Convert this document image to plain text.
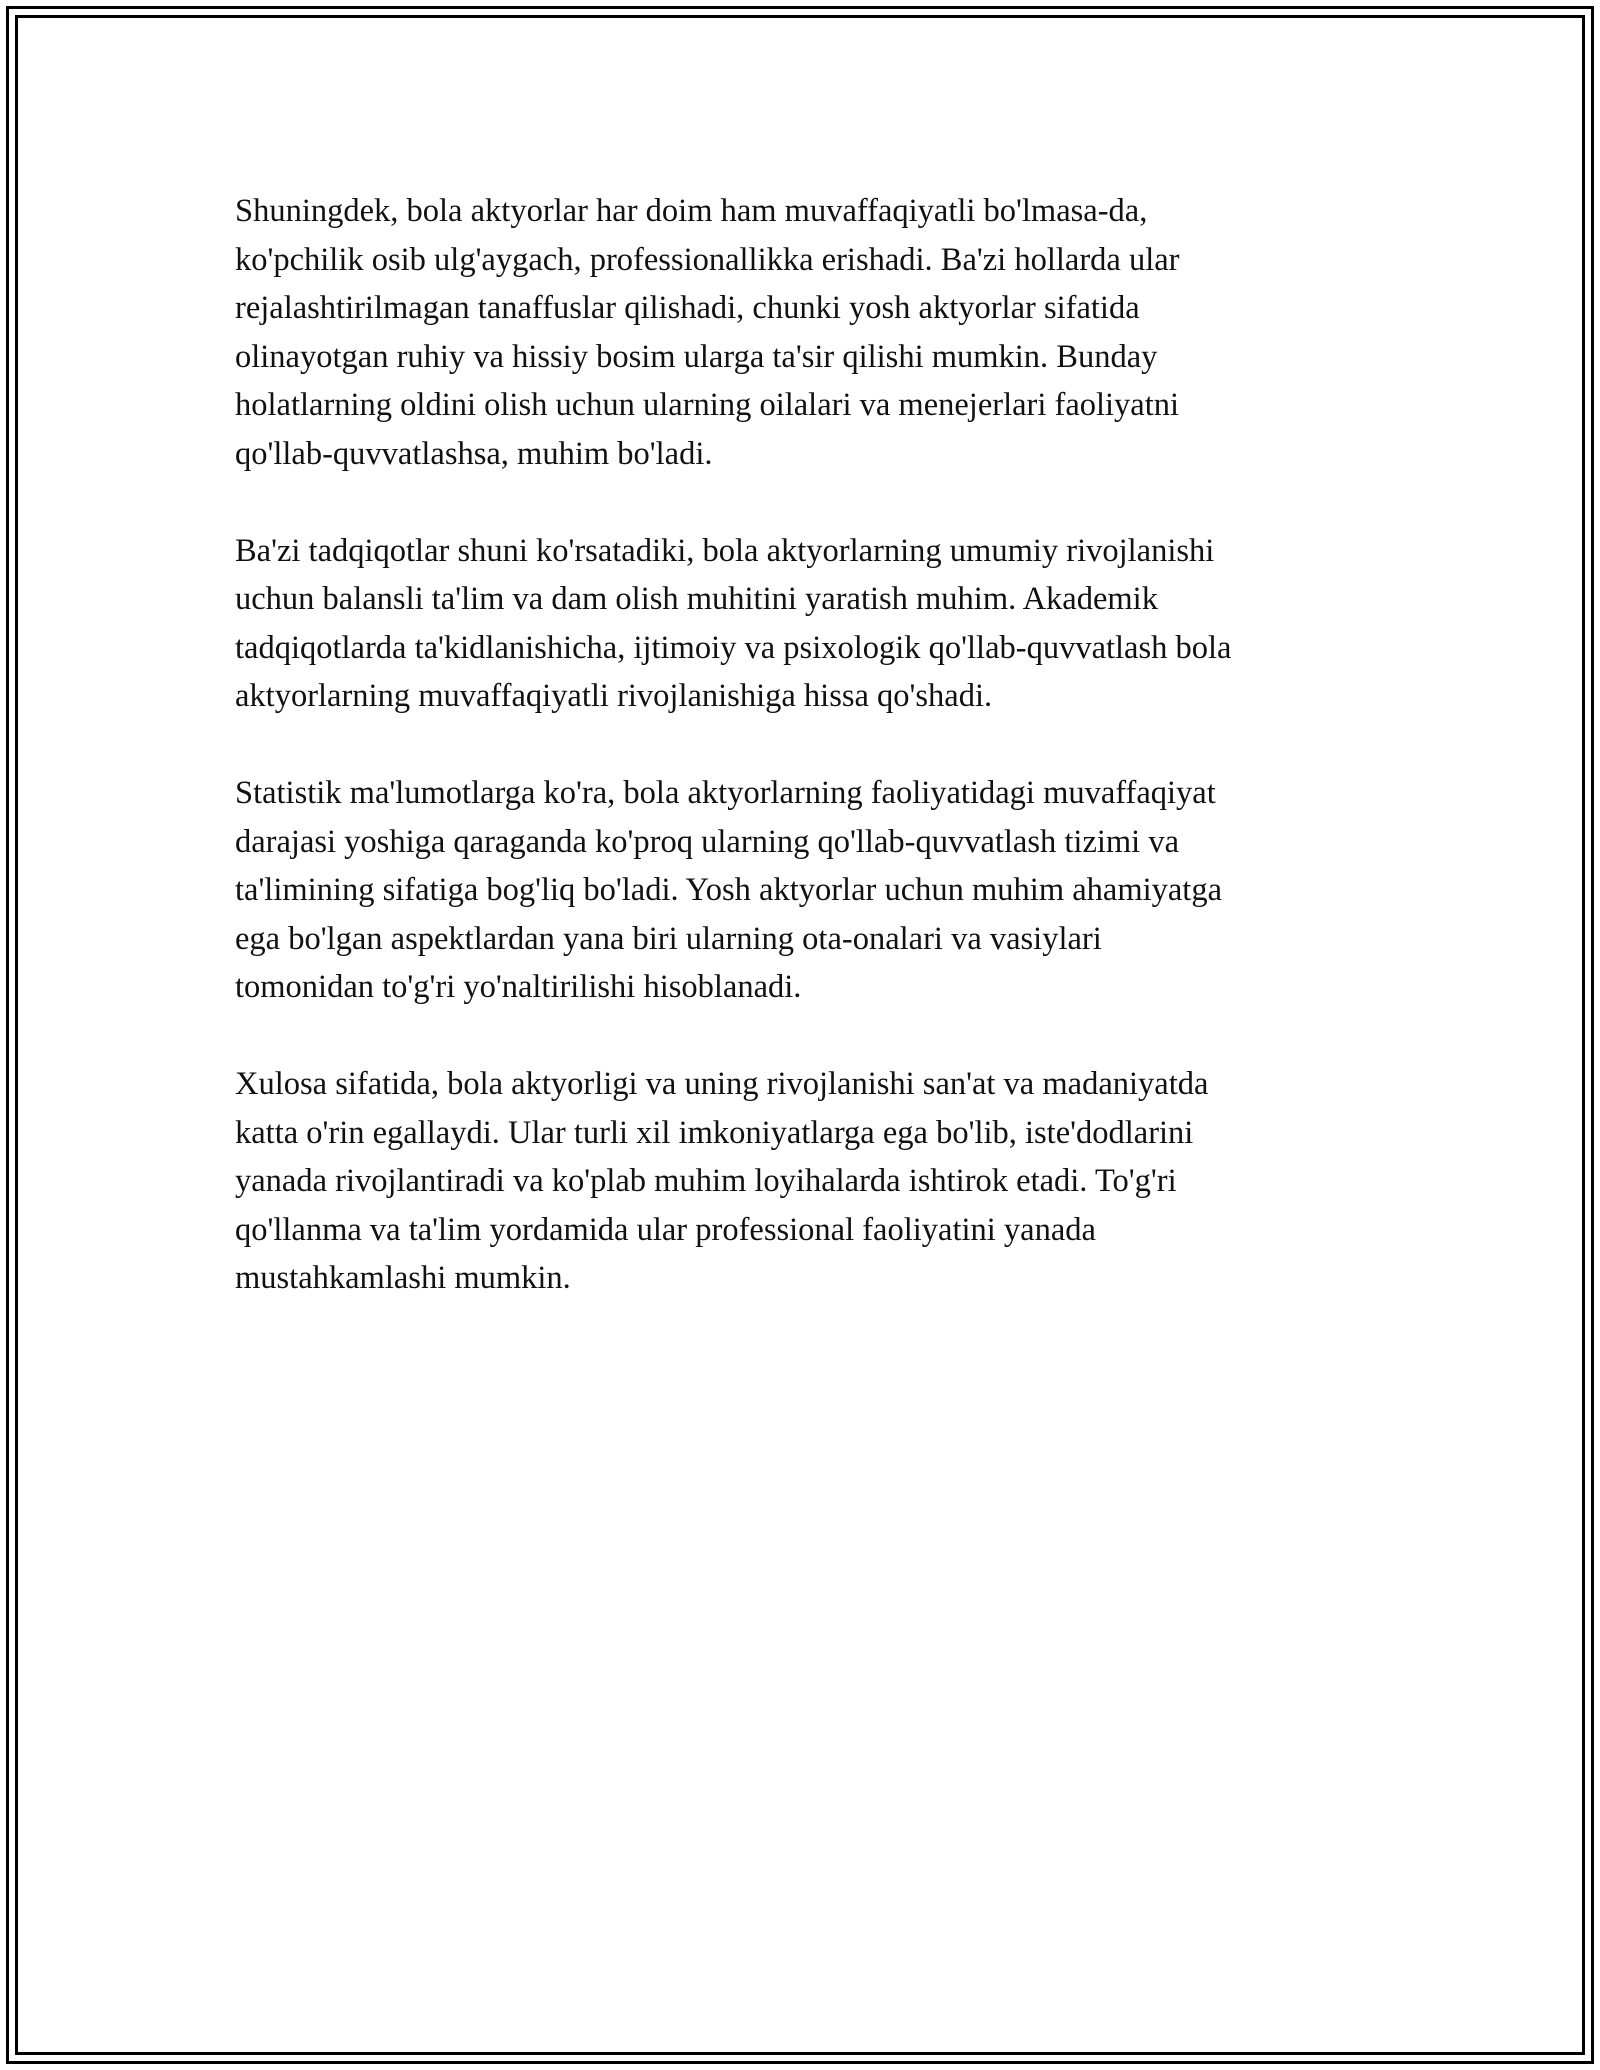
Shuningdek, bola aktyorlar har doim ham muvaffaqiyatli bo'lmasa-da,
ko'pchilik osib ulg'aygach, professionallikka erishadi. Ba'zi hollarda ular
rejalashtirilmagan tanaffuslar qilishadi, chunki yosh aktyorlar sifatida
olinayotgan ruhiy va hissiy bosim ularga ta'sir qilishi mumkin. Bunday
holatlarning oldini olish uchun ularning oilalari va menejerlari faoliyatni
qo'llab-quvvatlashsa, muhim bo'ladi.

Ba'zi tadqiqotlar shuni ko'rsatadiki, bola aktyorlarning umumiy rivojlanishi
uchun balansli ta'lim va dam olish muhitini yaratish muhim. Akademik
tadqiqotlarda ta'kidlanishicha, ijtimoiy va psixologik qo'llab-quvvatlash bola
aktyorlarning muvaffaqiyatli rivojlanishiga hissa qo'shadi.

Statistik ma'lumotlarga ko'ra, bola aktyorlarning faoliyatidagi muvaffaqiyat
darajasi yoshiga qaraganda ko'proq ularning qo'llab-quvvatlash tizimi va
ta'limining sifatiga bog'liq bo'ladi. Yosh aktyorlar uchun muhim ahamiyatga
ega bo'lgan aspektlardan yana biri ularning ota-onalari va vasiylari
tomonidan to'g'ri yo'naltirilishi hisoblanadi.

Xulosa sifatida, bola aktyorligi va uning rivojlanishi san'at va madaniyatda
katta o'rin egallaydi. Ular turli xil imkoniyatlarga ega bo'lib, iste'dodlarini
yanada rivojlantiradi va ko'plab muhim loyihalarda ishtirok etadi. To'g'ri
qo'llanma va ta'lim yordamida ular professional faoliyatini yanada
mustahkamlashi mumkin.
